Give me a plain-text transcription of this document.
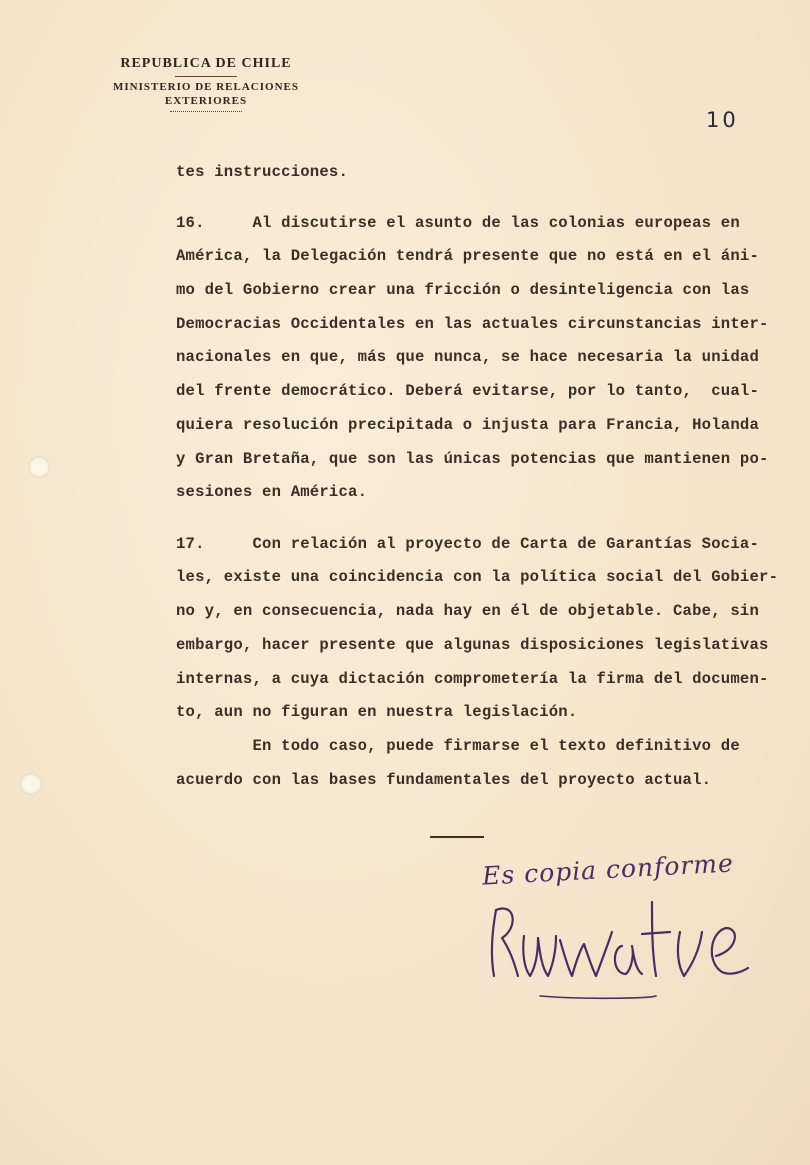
REPUBLICA DE CHILE
MINISTERIO DE RELACIONES
EXTERIORES
10
tes instrucciones.
16.     Al discutirse el asunto de las colonias europeas en
América, la Delegación tendrá presente que no está en el áni-
mo del Gobierno crear una fricción o desinteligencia con las
Democracias Occidentales en las actuales circunstancias inter-
nacionales en que, más que nunca, se hace necesaria la unidad
del frente democrático. Deberá evitarse, por lo tanto,  cual-
quiera resolución precipitada o injusta para Francia, Holanda
y Gran Bretaña, que son las únicas potencias que mantienen po-
sesiones en América.
17.     Con relación al proyecto de Carta de Garantías Socia-
les, existe una coincidencia con la política social del Gobier-
no y, en consecuencia, nada hay en él de objetable. Cabe, sin
embargo, hacer presente que algunas disposiciones legislativas
internas, a cuya dictación comprometería la firma del documen-
to, aun no figuran en nuestra legislación.
En todo caso, puede firmarse el texto definitivo de
acuerdo con las bases fundamentales del proyecto actual.
Es copia conforme
